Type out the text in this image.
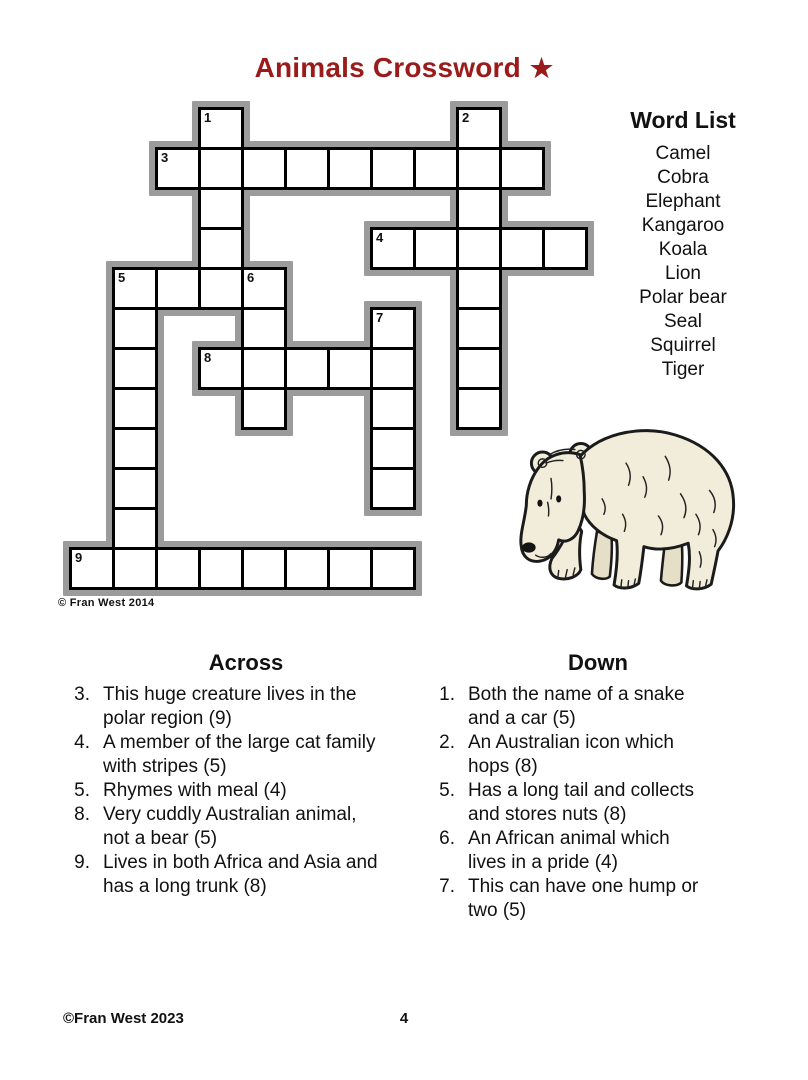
Animals Crossword ★
1	2
3
4
5	6
7
8
9
© Fran West 2014
Word List
Camel
Cobra
Elephant
Kangaroo
Koala
Lion
Polar bear
Seal
Squirrel
Tiger
Across
3. This huge creature lives in the
polar region (9)
4. A member of the large cat family
with stripes (5)
5. Rhymes with meal (4)
8. Very cuddly Australian animal,
not a bear (5)
9. Lives in both Africa and Asia and
has a long trunk (8)
Down
1. Both the name of a snake
and a car (5)
2. An Australian icon which
hops (8)
5. Has a long tail and collects
and stores nuts (8)
6. An African animal which
lives in a pride (4)
7. This can have one hump or
two (5)
©Fran West 2023	4
